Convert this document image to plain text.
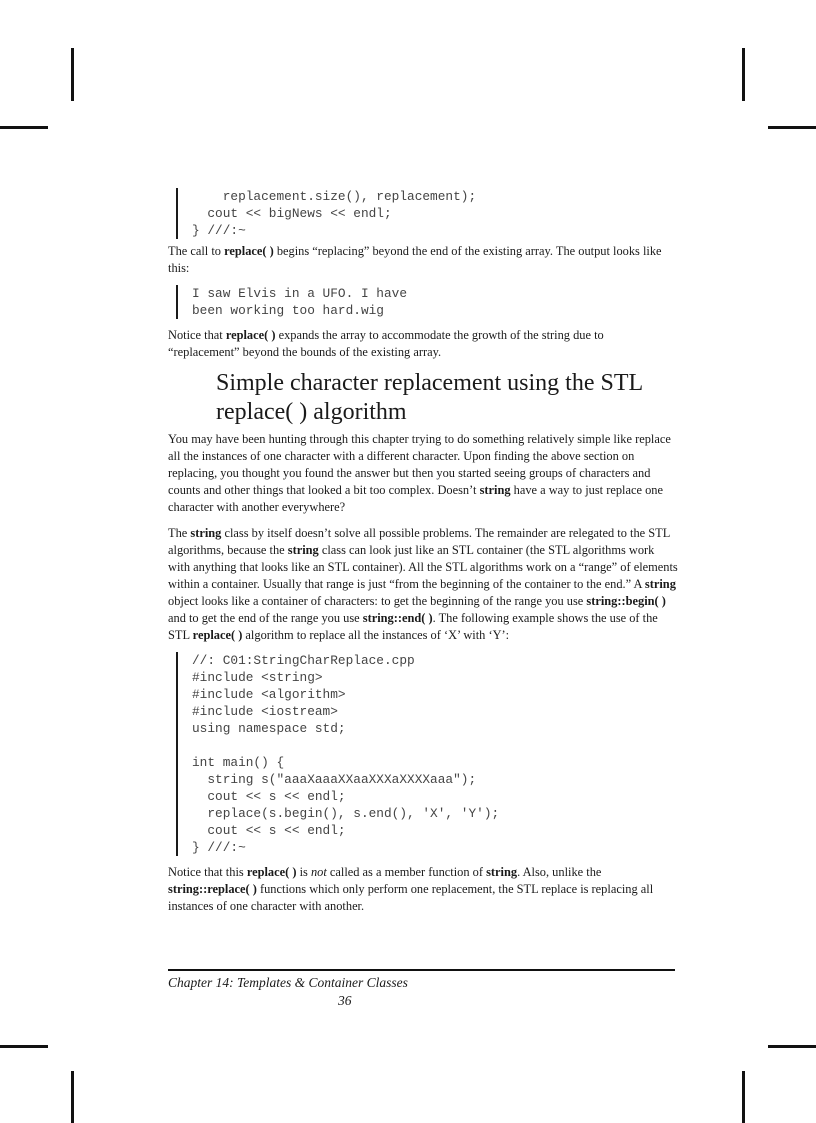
replacement.size(), replacement);
cout << bigNews << endl;
} ///:~

The call to replace( ) begins “replacing” beyond the end of the existing array. The output looks like this:

I saw Elvis in a UFO. I have
been working too hard.wig

Notice that replace( ) expands the array to accommodate the growth of the string due to “replacement” beyond the bounds of the existing array.

Simple character replacement using the STL replace( ) algorithm

You may have been hunting through this chapter trying to do something relatively simple like replace all the instances of one character with a different character. Upon finding the above section on replacing, you thought you found the answer but then you started seeing groups of characters and counts and other things that looked a bit too complex. Doesn’t string have a way to just replace one character with another everywhere?

The string class by itself doesn’t solve all possible problems. The remainder are relegated to the STL algorithms, because the string class can look just like an STL container (the STL algorithms work with anything that looks like an STL container). All the STL algorithms work on a “range” of elements within a container. Usually that range is just “from the beginning of the container to the end.” A string object looks like a container of characters: to get the beginning of the range you use string::begin( ) and to get the end of the range you use string::end( ). The following example shows the use of the STL replace( ) algorithm to replace all the instances of ‘X’ with ‘Y’:

//: C01:StringCharReplace.cpp
#include <string>
#include <algorithm>
#include <iostream>
using namespace std;
int main() {
string s("aaaXaaaXXaaXXXaXXXXaaa");
cout << s << endl;
replace(s.begin(), s.end(), 'X', 'Y');
cout << s << endl;
} ///:~

Notice that this replace( ) is not called as a member function of string. Also, unlike the string::replace( ) functions which only perform one replacement, the STL replace is replacing all instances of one character with another.

Chapter 14: Templates & Container Classes
36
